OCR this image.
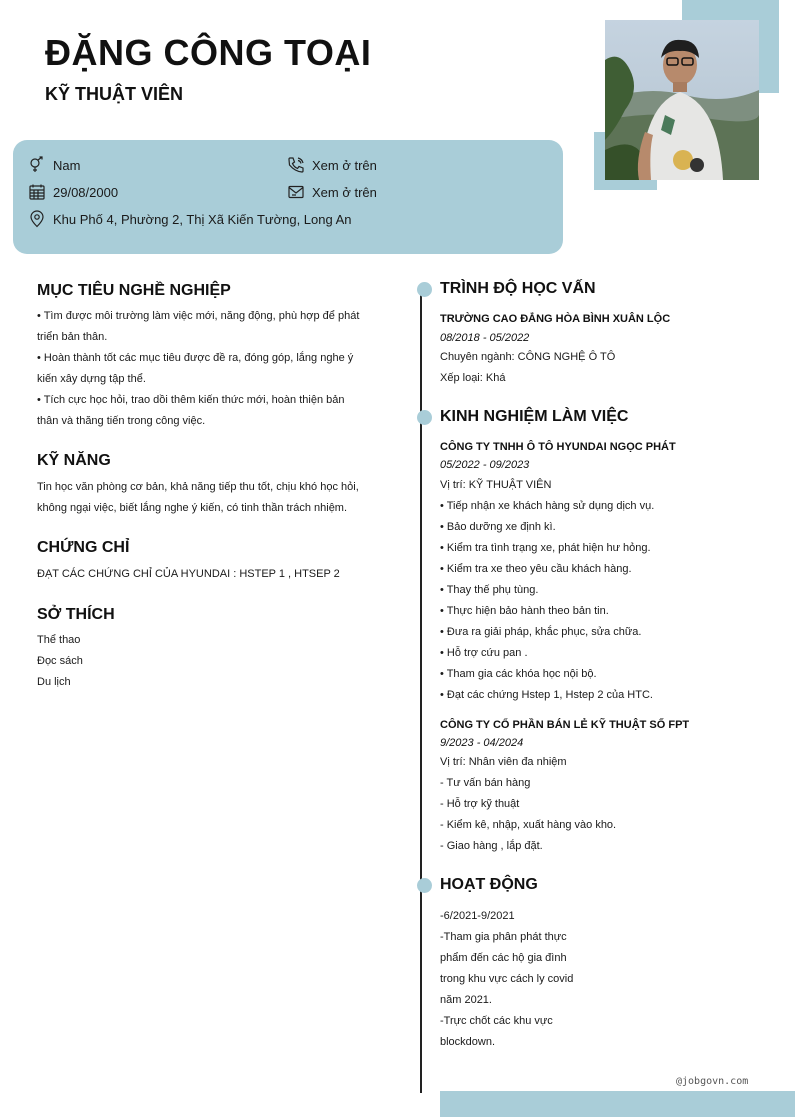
ĐẶNG CÔNG TOẠI
KỸ THUẬT VIÊN
Nam	Xem ở trên
29/08/2000	Xem ở trên
Khu Phố 4, Phường 2, Thị Xã Kiến Tường, Long An
MỤC TIÊU NGHỀ NGHIỆP
• Tìm được môi trường làm việc mới, năng động, phù hợp để phát
triển bản thân.
• Hoàn thành tốt các mục tiêu được đề ra, đóng góp, lắng nghe ý
kiến xây dựng tập thể.
• Tích cực học hỏi, trao dồi thêm kiến thức mới, hoàn thiện bản
thân và thăng tiến trong công việc.
KỸ NĂNG
Tin học văn phòng cơ bản, khả năng tiếp thu tốt, chịu khó học hỏi,
không ngại việc, biết lắng nghe ý kiến, có tinh thần trách nhiệm.
CHỨNG CHỈ
ĐẠT CÁC CHỨNG CHỈ CỦA HYUNDAI : HSTEP 1 , HTSEP 2
SỞ THÍCH
Thể thao
Đọc sách
Du lịch
TRÌNH ĐỘ HỌC VẤN
TRƯỜNG CAO ĐẲNG HÒA BÌNH XUÂN LỘC
08/2018 - 05/2022
Chuyên ngành: CÔNG NGHỆ Ô TÔ
Xếp loại: Khá
KINH NGHIỆM LÀM VIỆC
CÔNG TY TNHH Ô TÔ HYUNDAI NGỌC PHÁT
05/2022 - 09/2023
Vị trí: KỸ THUẬT VIÊN
• Tiếp nhận xe khách hàng sử dụng dịch vụ.
• Bảo dưỡng xe định kì.
• Kiểm tra tình trạng xe, phát hiện hư hỏng.
• Kiểm tra xe theo yêu cầu khách hàng.
• Thay thế phụ tùng.
• Thực hiện bảo hành theo bản tin.
• Đưa ra giải pháp, khắc phục, sửa chữa.
• Hỗ trợ cứu pan .
• Tham gia các khóa học nội bộ.
• Đạt các chứng Hstep 1, Hstep 2 của HTC.
CÔNG TY CỔ PHẦN BÁN LẺ KỸ THUẬT SỐ FPT
9/2023 - 04/2024
Vị trí: Nhân viên đa nhiệm
- Tư vấn bán hàng
- Hỗ trợ kỹ thuật
- Kiểm kê, nhập, xuất hàng vào kho.
- Giao hàng , lắp đặt.
HOẠT ĐỘNG
-6/2021-9/2021
-Tham gia phân phát thực
phẩm đến các hộ gia đình
trong khu vực cách ly covid
năm 2021.
-Trực chốt các khu vực
blockdown.
@jobgovn.com
